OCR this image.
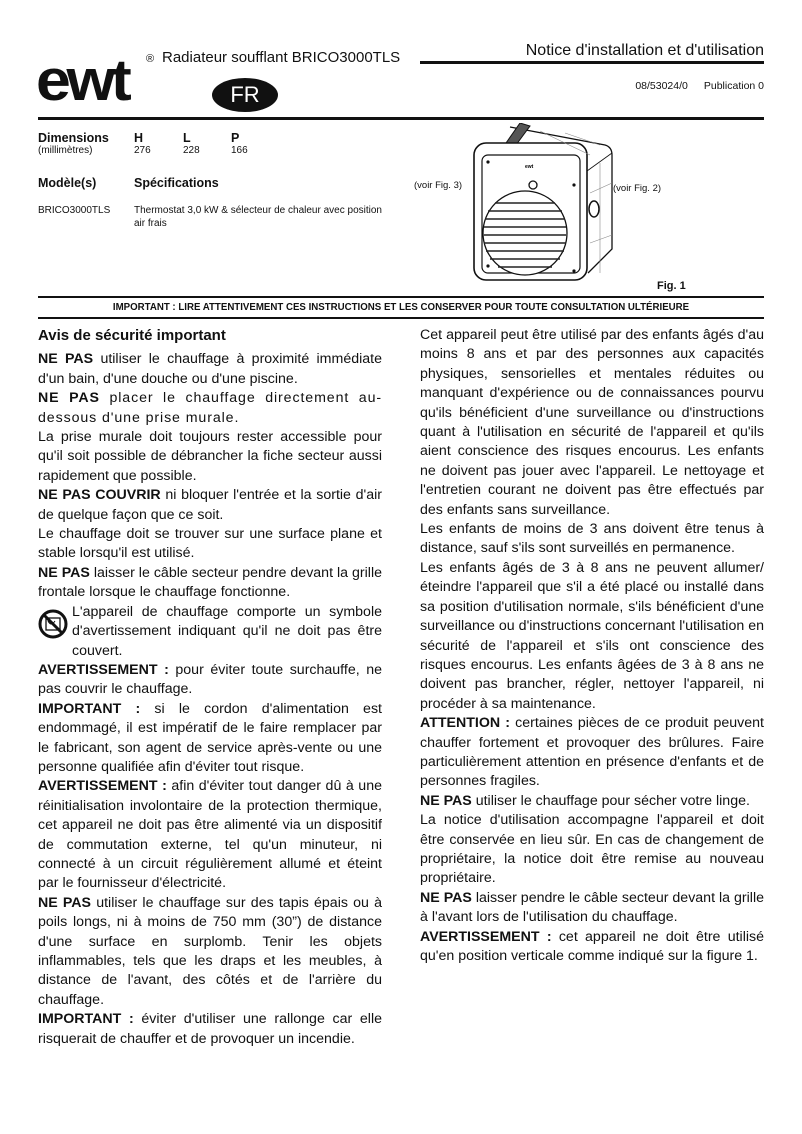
ewt ® Radiateur soufflant BRICO3000TLS	Notice d'installation et d'utilisation
FR	08/53024/0 Publication 0
Dimensions	H	L	P
(millimètres)	276	228	166
Modèle(s)	Spécifications
BRICO3000TLS	Thermostat 3,0 kW & sélecteur de chaleur avec position air frais
(voir Fig. 3)	(voir Fig. 2)
ewt
Fig. 1
IMPORTANT : LIRE ATTENTIVEMENT CES INSTRUCTIONS ET LES CONSERVER POUR TOUTE CONSULTATION ULTÉRIEURE

Avis de sécurité important

NE PAS utiliser le chauffage à proximité immédiate d'un bain, d'une douche ou d'une piscine.

NE PAS placer le chauffage directement au-dessous d'une prise murale.

La prise murale doit toujours rester accessible pour qu'il soit possible de débrancher la fiche secteur aussi rapidement que possible.

NE PAS COUVRIR ni bloquer l'entrée et la sortie d'air de quelque façon que ce soit.

Le chauffage doit se trouver sur une surface plane et stable lorsqu'il est utilisé.

NE PAS laisser le câble secteur pendre devant la grille frontale lorsque le chauffage fonctionne.

L'appareil de chauffage comporte un symbole d'avertissement indiquant qu'il ne doit pas être couvert.

AVERTISSEMENT : pour éviter toute surchauffe, ne pas couvrir le chauffage.

IMPORTANT : si le cordon d'alimentation est endommagé, il est impératif de le faire remplacer par le fabricant, son agent de service après-vente ou une personne qualifiée afin d'éviter tout risque.

AVERTISSEMENT : afin d'éviter tout danger dû à une réinitialisation involontaire de la protection thermique, cet appareil ne doit pas être alimenté via un dispositif de commutation externe, tel qu'un minuteur, ni connecté à un circuit régulièrement allumé et éteint par le fournisseur d'électricité.

NE PAS utiliser le chauffage sur des tapis épais ou à poils longs, ni à moins de 750 mm (30”) de distance d'une surface en surplomb. Tenir les objets inflammables, tels que les draps et les meubles, à distance de l'avant, des côtés et de l'arrière du chauffage.

IMPORTANT : éviter d'utiliser une rallonge car elle risquerait de chauffer et de provoquer un incendie.

Cet appareil peut être utilisé par des enfants âgés d'au moins 8 ans et par des personnes aux capacités physiques, sensorielles et mentales réduites ou manquant d'expérience ou de connaissances pourvu qu'ils bénéficient d'une surveillance ou d'instructions quant à l'utilisation en sécurité de l'appareil et qu'ils aient conscience des risques encourus. Les enfants ne doivent pas jouer avec l'appareil. Le nettoyage et l'entretien courant ne doivent pas être effectués par des enfants sans surveillance.

Les enfants de moins de 3 ans doivent être tenus à distance, sauf s'ils sont surveillés en permanence.

Les enfants âgés de 3 à 8 ans ne peuvent allumer/éteindre l'appareil que s'il a été placé ou installé dans sa position d'utilisation normale, s'ils bénéficient d'une surveillance ou d'instructions concernant l'utilisation en sécurité de l'appareil et s'ils ont conscience des risques encourus. Les enfants âgées de 3 à 8 ans ne doivent pas brancher, régler, nettoyer l'appareil, ni procéder à sa maintenance.

ATTENTION : certaines pièces de ce produit peuvent chauffer fortement et provoquer des brûlures. Faire particulièrement attention en présence d'enfants et de personnes fragiles.

NE PAS utiliser le chauffage pour sécher votre linge.

La notice d'utilisation accompagne l'appareil et doit être conservée en lieu sûr. En cas de changement de propriétaire, la notice doit être remise au nouveau propriétaire.

NE PAS laisser pendre le câble secteur devant la grille à l'avant lors de l'utilisation du chauffage.

AVERTISSEMENT : cet appareil ne doit être utilisé qu'en position verticale comme indiqué sur la figure 1.
